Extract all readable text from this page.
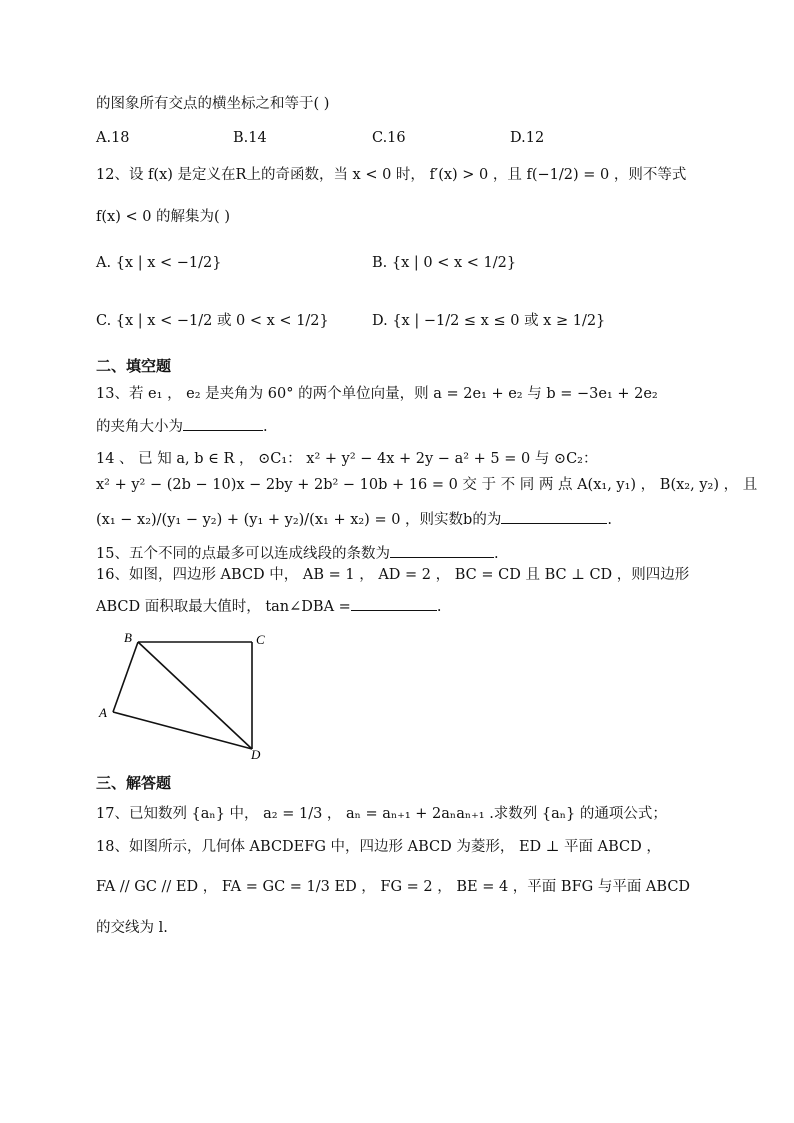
的图象所有交点的横坐标之和等于( )
A.18	B.14	C.16	D.12
12、设 f(x) 是定义在R上的奇函数，当 x < 0 时， f′(x) > 0 ，且 f(−1/2) = 0 ，则不等式
f(x) < 0 的解集为( )
A. {x | x < −1/2}	B. {x | 0 < x < 1/2}
C. {x | x < −1/2 或 0 < x < 1/2}	D. {x | −1/2 ≤ x ≤ 0 或 x ≥ 1/2}
二、填空题
13、若 e₁ ， e₂ 是夹角为 60° 的两个单位向量，则 a = 2e₁ + e₂ 与 b = −3e₁ + 2e₂
的夹角大小为	.
14 、 已 知 a, b ∈ R ， ⊙C₁： x² + y² − 4x + 2y − a² + 5 = 0 与 ⊙C₂：
x² + y² − (2b − 10)x − 2by + 2b² − 10b + 16 = 0 交 于 不 同 两 点 A(x₁, y₁) ， B(x₂, y₂) ， 且
(x₁ − x₂)/(y₁ − y₂) + (y₁ + y₂)/(x₁ + x₂) = 0 ，则实数b的为	.
15、五个不同的点最多可以连成线段的条数为	.
16、如图，四边形 ABCD 中， AB = 1 ， AD = 2 ， BC = CD 且 BC ⊥ CD ，则四边形
ABCD 面积取最大值时， tan∠DBA =	.
A
B	C
D
三、解答题
17、已知数列 {aₙ} 中， a₂ = 1/3 ， aₙ = aₙ₊₁ + 2aₙaₙ₊₁ .求数列 {aₙ} 的通项公式；
18、如图所示，几何体 ABCDEFG 中，四边形 ABCD 为菱形， ED ⊥ 平面 ABCD ，
FA // GC // ED ， FA = GC = 1/3 ED ， FG = 2 ， BE = 4 ，平面 BFG 与平面 ABCD
的交线为 l.
